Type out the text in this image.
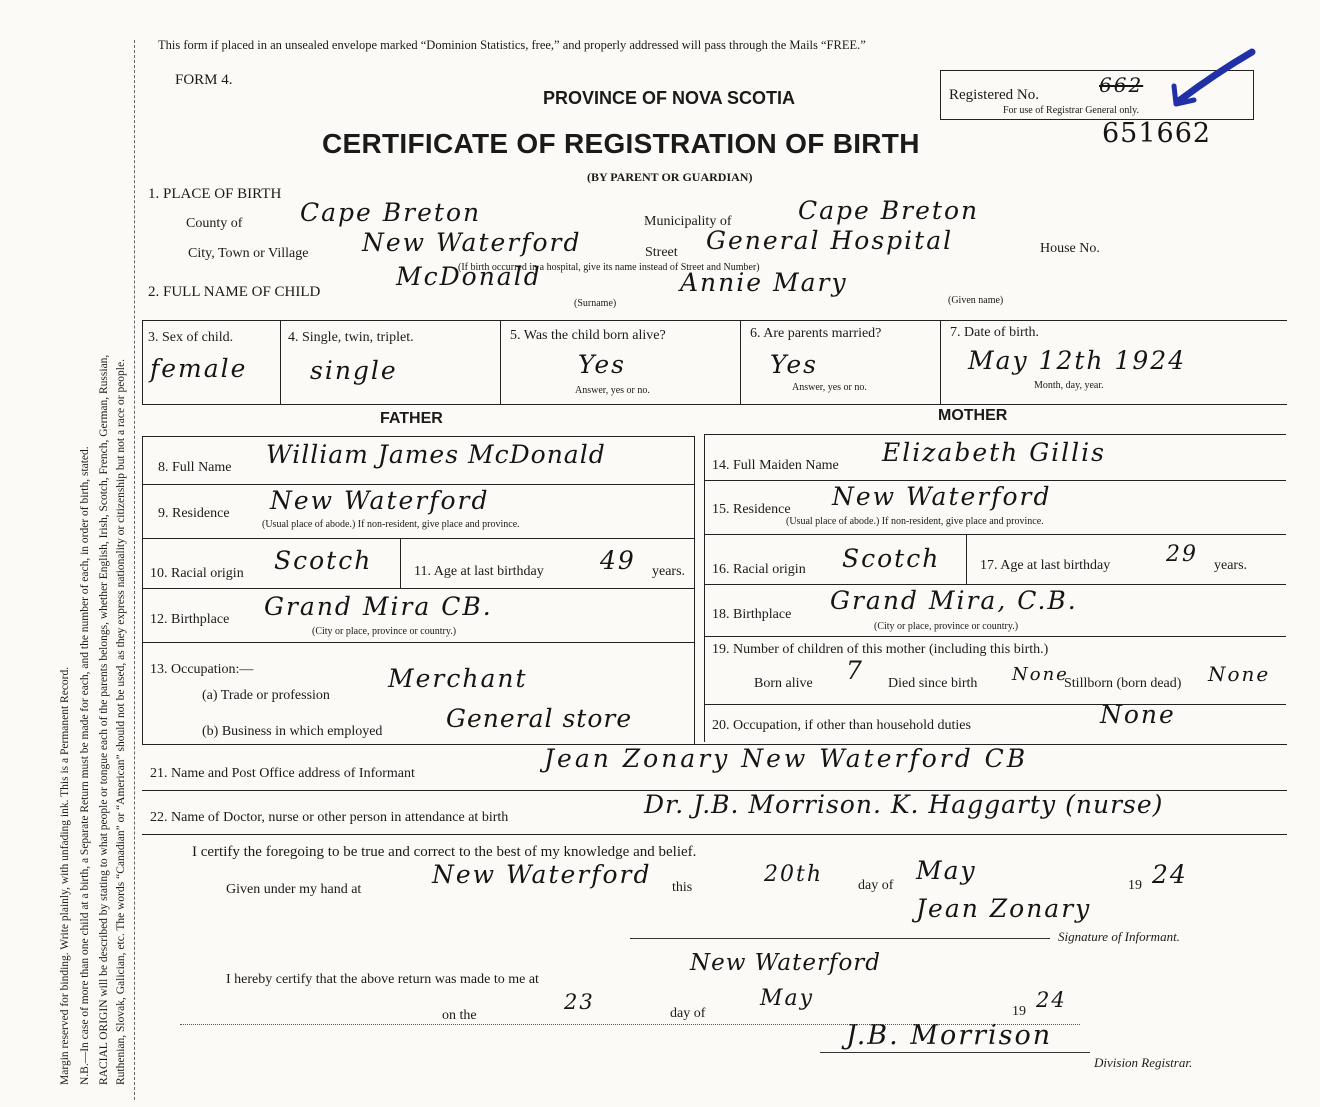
Margin reserved for binding. Write plainly, with unfading ink. This is a Permanent Record. N.B.—In case of more than one child at a birth, a Separate Return must be made for each, and the number of each, in order of birth, stated. RACIAL ORIGIN will be described by stating to what people or tongue each of the parents belongs, whether English, Irish, Scotch, French, German, Russian, Ruthenian, Slovak, Galician, etc. The words “Canadian” or “American” should not be used, as they express nationality or citizenship but not a race or people.
This form if placed in an unsealed envelope marked “Dominion Statistics, free,” and properly addressed will pass through the Mails “FREE.”
FORM 4.
PROVINCE OF NOVA SCOTIA
CERTIFICATE OF REGISTRATION OF BIRTH
(BY PARENT OR GUARDIAN)
Registered No.	662
For use of Registrar General only.
651662
1. PLACE OF BIRTH
County of Cape Breton	Municipality of	Cape Breton
City, Town or Village New Waterford	Street General Hospital	House No.
(If birth occurred in a hospital, give its name instead of Street and Number)
2. FULL NAME OF CHILD
McDonald	Annie Mary
(Surname)	(Given name)
3. Sex of child.
female
4. Single, twin, triplet.
single
5. Was the child born alive?
Yes
Answer, yes or no.
6. Are parents married?
Yes
Answer, yes or no.
7. Date of birth.
May 12th 1924
Month, day, year.
FATHER	MOTHER
8. Full Name William James McDonald
9. Residence New Waterford
(Usual place of abode.) If non-resident, give place and province.
10. Racial origin Scotch	11. Age at last birthday 49 years.
12. Birthplace Grand Mira CB.
(City or place, province or country.)
13. Occupation:—
(a) Trade or profession
Merchant
(b) Business in which employed	General store
14. Full Maiden Name Elizabeth Gillis
15. Residence New Waterford
(Usual place of abode.) If non-resident, give place and province.
16. Racial origin Scotch	17. Age at last birthday	29 years.
18. Birthplace Grand Mira, C.B.
(City or place, province or country.)
19. Number of children of this mother (including this birth.)
Born alive 7 Died since birth None
Stillborn (born dead) None
20. Occupation, if other than household duties	None
21. Name and Post Office address of Informant
Jean Zonary New Waterford CB
22. Name of Doctor, nurse or other person in attendance at birth	Dr. J.B. Morrison. K. Haggarty (nurse)
I certify the foregoing to be true and correct to the best of my knowledge and belief.
Given under my hand at
New Waterford this
20th day of
May
19 24
Jean Zonary
Signature of Informant.
I hereby certify that the above return was made to me at
New Waterford
on the
23	day of
May
19 24
J.B. Morrison
Division Registrar.
